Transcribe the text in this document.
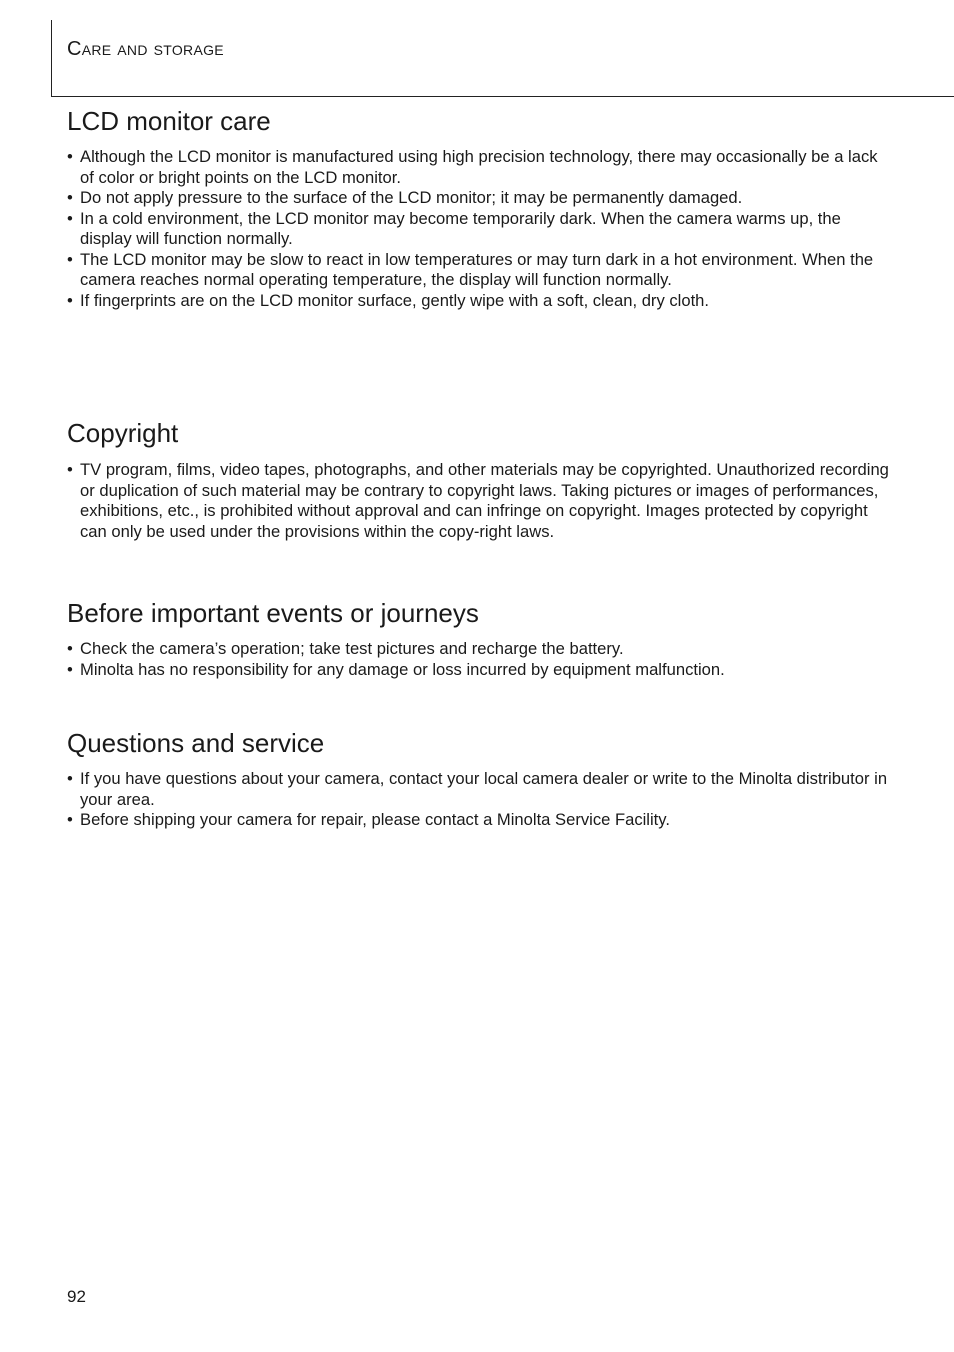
Care and storage
LCD monitor care
• Although the LCD monitor is manufactured using high precision technology, there may occasionally be a lack of color or bright points on the LCD monitor.
• Do not apply pressure to the surface of the LCD monitor; it may be permanently damaged.
• In a cold environment, the LCD monitor may become temporarily dark. When the camera warms up, the display will function normally.
• The LCD monitor may be slow to react in low temperatures or may turn dark in a hot environment. When the camera reaches normal operating temperature, the display will function normally.
• If fingerprints are on the LCD monitor surface, gently wipe with a soft, clean, dry cloth.
Copyright
• TV program, films, video tapes, photographs, and other materials may be copyrighted. Unauthorized recording or duplication of such material may be contrary to copyright laws. Taking pictures or images of performances, exhibitions, etc., is prohibited without approval and can infringe on copyright. Images protected by copyright can only be used under the provisions within the copy-right laws.
Before important events or journeys
• Check the camera’s operation; take test pictures and recharge the battery.
• Minolta has no responsibility for any damage or loss incurred by equipment malfunction.
Questions and service
• If you have questions about your camera, contact your local camera dealer or write to the Minolta distributor in your area.
• Before shipping your camera for repair, please contact a Minolta Service Facility.
92
